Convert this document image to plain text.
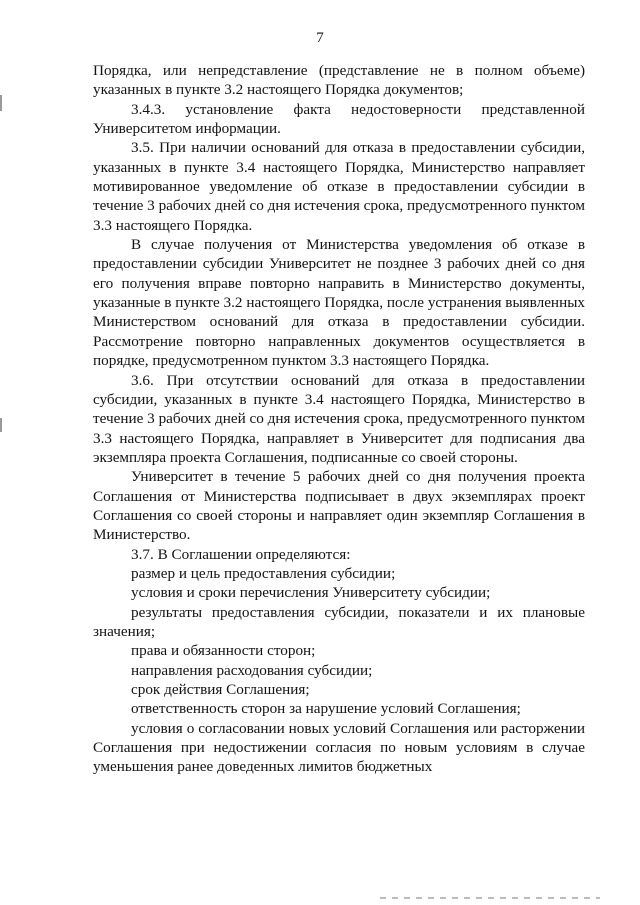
7

Порядка, или непредставление (представление не в полном объеме) указанных в пункте 3.2 настоящего Порядка документов;

3.4.3. установление факта недостоверности представленной Университетом информации.

3.5. При наличии оснований для отказа в предоставлении субсидии, указанных в пункте 3.4 настоящего Порядка, Министерство направляет мотивированное уведомление об отказе в предоставлении субсидии в течение 3 рабочих дней со дня истечения срока, предусмотренного пунктом 3.3 настоящего Порядка.

В случае получения от Министерства уведомления об отказе в предоставлении субсидии Университет не позднее 3 рабочих дней со дня его получения вправе повторно направить в Министерство документы, указанные в пункте 3.2 настоящего Порядка, после устранения выявленных Министерством оснований для отказа в предоставлении субсидии. Рассмотрение повторно направленных документов осуществляется в порядке, предусмотренном пунктом 3.3 настоящего Порядка.

3.6. При отсутствии оснований для отказа в предоставлении субсидии, указанных в пункте 3.4 настоящего Порядка, Министерство в течение 3 рабочих дней со дня истечения срока, предусмотренного пунктом 3.3 настоящего Порядка, направляет в Университет для подписания два экземпляра проекта Соглашения, подписанные со своей стороны.

Университет в течение 5 рабочих дней со дня получения проекта Соглашения от Министерства подписывает в двух экземплярах проект Соглашения со своей стороны и направляет один экземпляр Соглашения в Министерство.

3.7. В Соглашении определяются:

размер и цель предоставления субсидии;

условия и сроки перечисления Университету субсидии;

результаты предоставления субсидии, показатели и их плановые значения;

права и обязанности сторон;

направления расходования субсидии;

срок действия Соглашения;

ответственность сторон за нарушение условий Соглашения;

условия о согласовании новых условий Соглашения или расторжении Соглашения при недостижении согласия по новым условиям в случае уменьшения ранее доведенных лимитов бюджетных
